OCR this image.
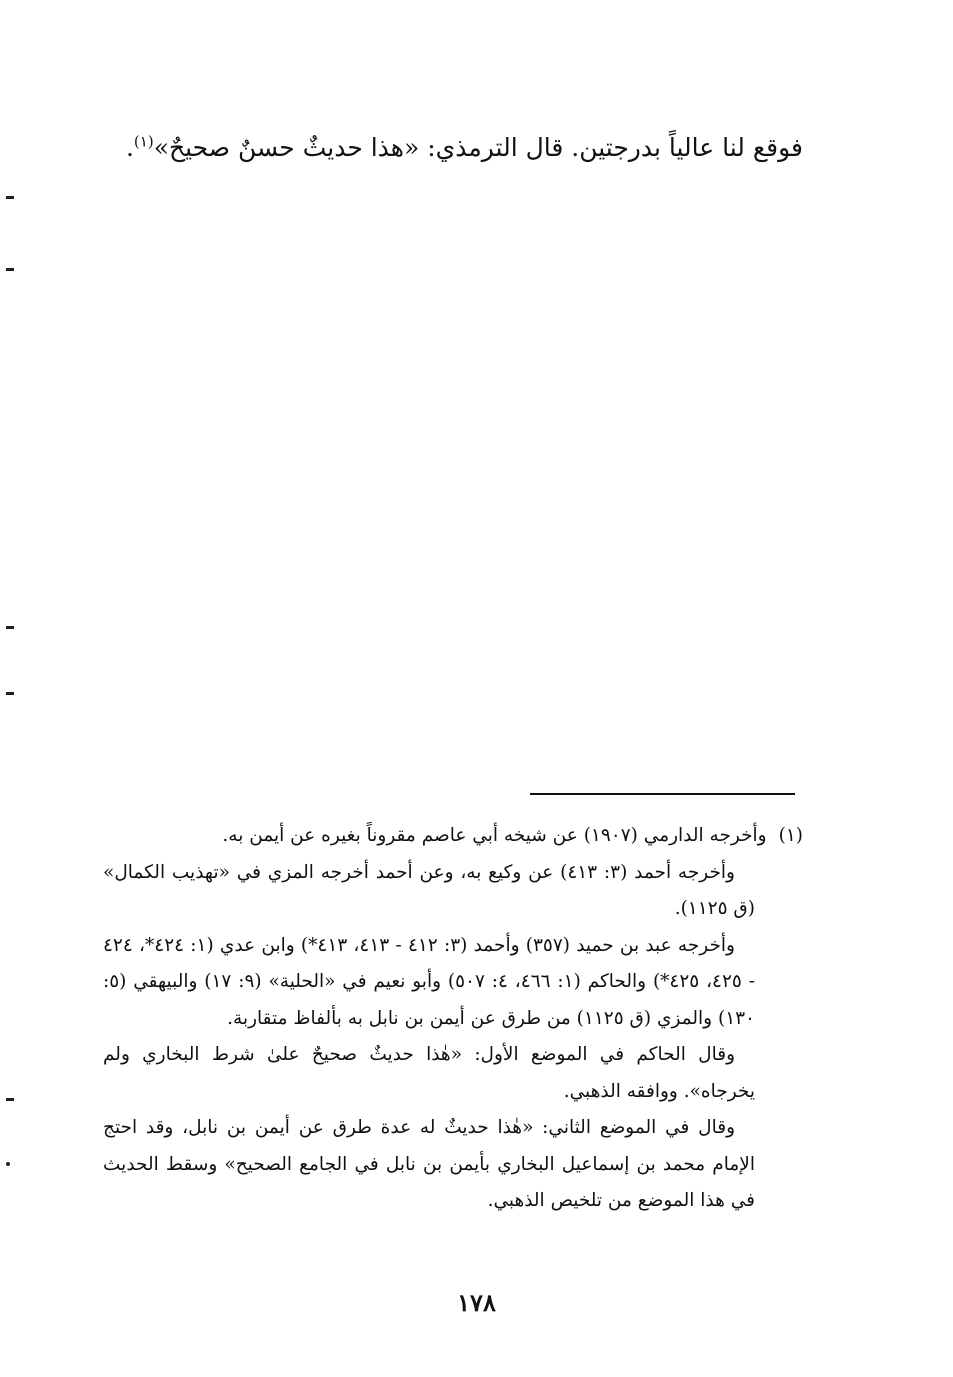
فوقع لنا عالياً بدرجتين. قال الترمذي: «هذا حديثٌ حسنٌ صحيحٌ»$^{(١)}$.
(١)
وأخرجه الدارمي (١٩٠٧) عن شيخه أبي عاصم مقروناً بغيره عن أيمن به.

وأخرجه أحمد (٣: ٤١٣) عن وكيع به، وعن أحمد أخرجه المزي في «تهذيب الكمال» (ق ١١٢٥).

وأخرجه عبد بن حميد (٣٥٧) وأحمد (٣: ٤١٢ - ٤١٣، ٤١٣*) وابن عدي (١: ٤٢٤*، ٤٢٤ - ٤٢٥، ٤٢٥*) والحاكم (١: ٤٦٦، ٤: ٥٠٧) وأبو نعيم في «الحلية» (٩: ١٧) والبيهقي (٥: ١٣٠) والمزي (ق ١١٢٥) من طرق عن أيمن بن نابل به بألفاظ متقاربة.

وقال الحاكم في الموضع الأول: «هٰذا حديثٌ صحيحٌ علىٰ شرط البخاري ولم يخرجاه». ووافقه الذهبي.

وقال في الموضع الثاني: «هٰذا حديثٌ له عدة طرق عن أيمن بن نابل، وقد احتج الإمام محمد بن إسماعيل البخاري بأيمن بن نابل في الجامع الصحيح» وسقط الحديث في هذا الموضع من تلخيص الذهبي.

١٧٨
